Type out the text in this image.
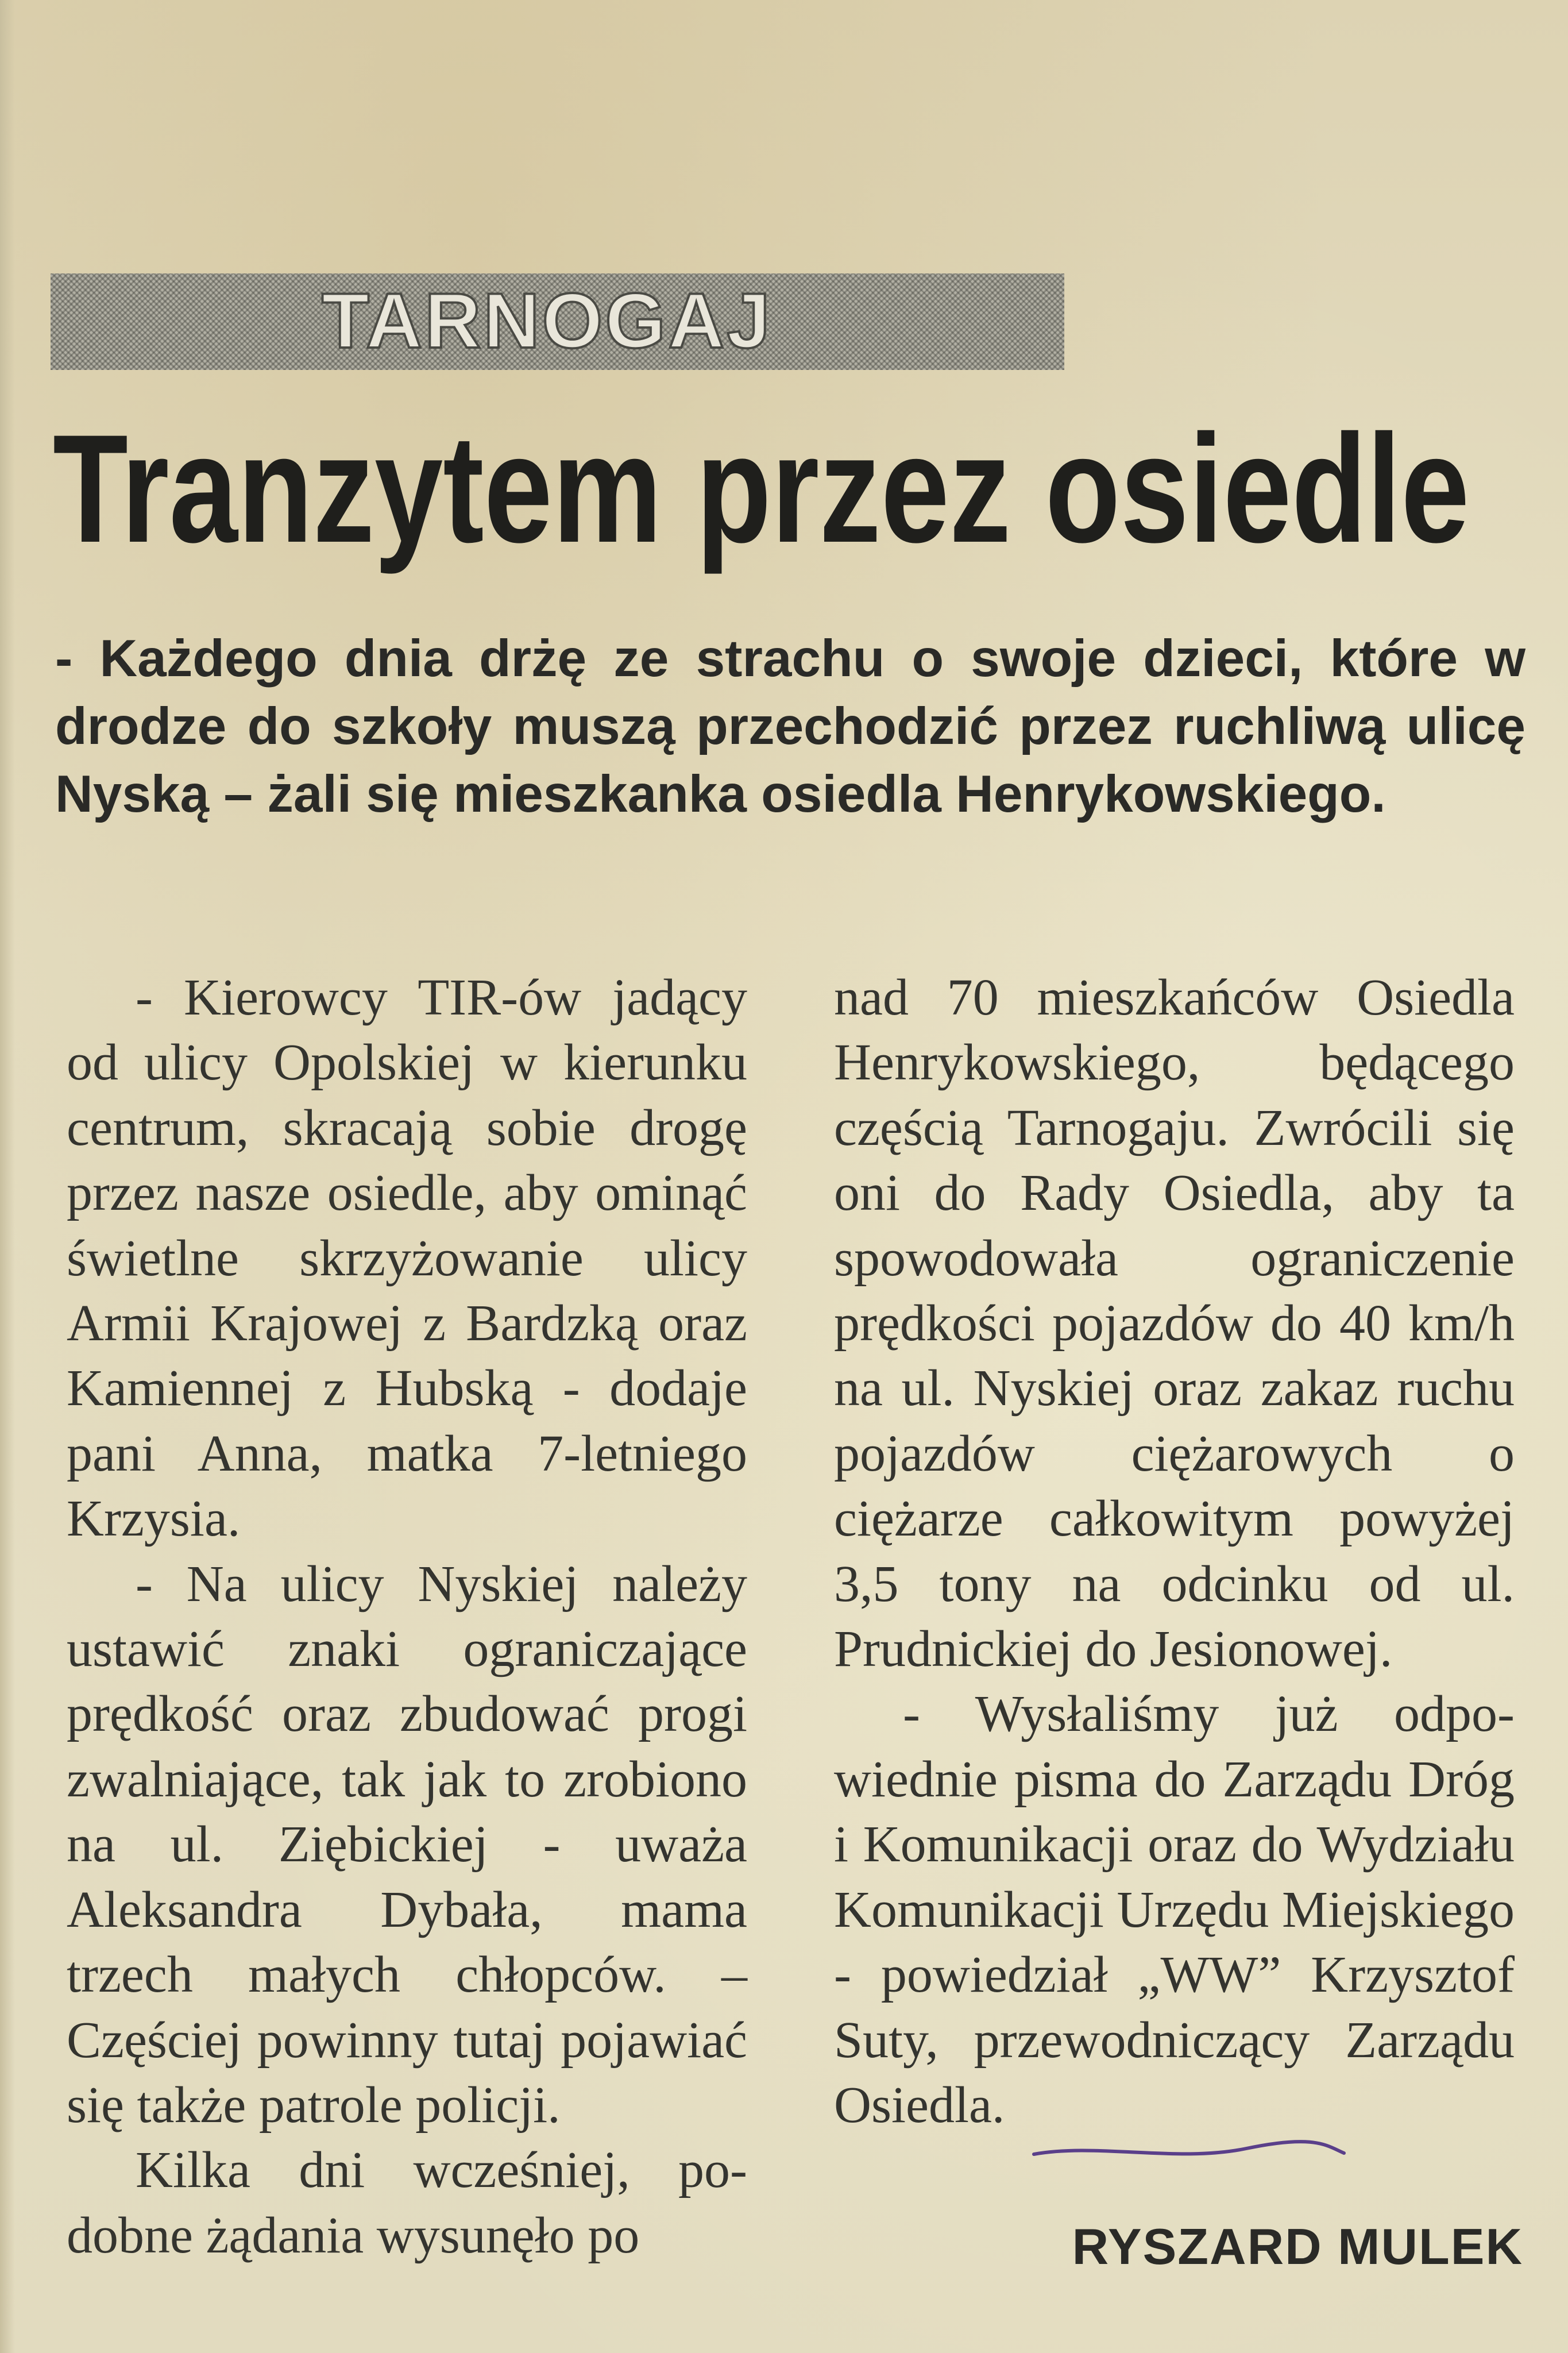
TARNOGAJ
Tranzytem przez osiedle
- Każdego dnia drżę ze strachu o swoje dzieci, które w drodze do szkoły muszą przechodzić przez ruchliwą ulicę Nyską – żali się mieszkanka osiedla Henrykowskiego.

- Kierowcy TIR-ów jadący od ulicy Opolskiej w kierunku centrum, skracają sobie drogę przez nasze osiedle, aby ominąć świetlne skrzyżowanie ulicy Armii Krajowej z Bardzką oraz Kamiennej z Hubską - dodaje pani Anna, matka 7-letniego Krzysia.

- Na ulicy Nyskiej należy ustawić znaki ograniczające prędkość oraz zbudować progi zwalniające, tak jak to zrobiono na ul. Ziębickiej - uważa Aleksandra Dybała, mama trzech małych chłopców. – Częściej powinny tutaj pojawiać się także patrole policji.

Kilka dni wcześniej, podobne żądania wysunęło po

nad 70 mieszkańców Osiedla Henrykowskiego, będącego częścią Tarnogaju. Zwrócili się oni do Rady Osiedla, aby ta spowodowała ograniczenie prędkości pojazdów do 40 km/h na ul. Nyskiej oraz zakaz ruchu pojazdów ciężarowych o ciężarze całkowitym powyżej 3,5 tony na odcinku od ul. Prudnickiej do Jesionowej.

- Wysłaliśmy już odpowiednie pisma do Zarządu Dróg i Komunikacji oraz do Wydziału Komunikacji Urzędu Miejskiego - powiedział „WW” Krzysztof Suty, przewodniczący Zarządu Osiedla.

RYSZARD MULEK
